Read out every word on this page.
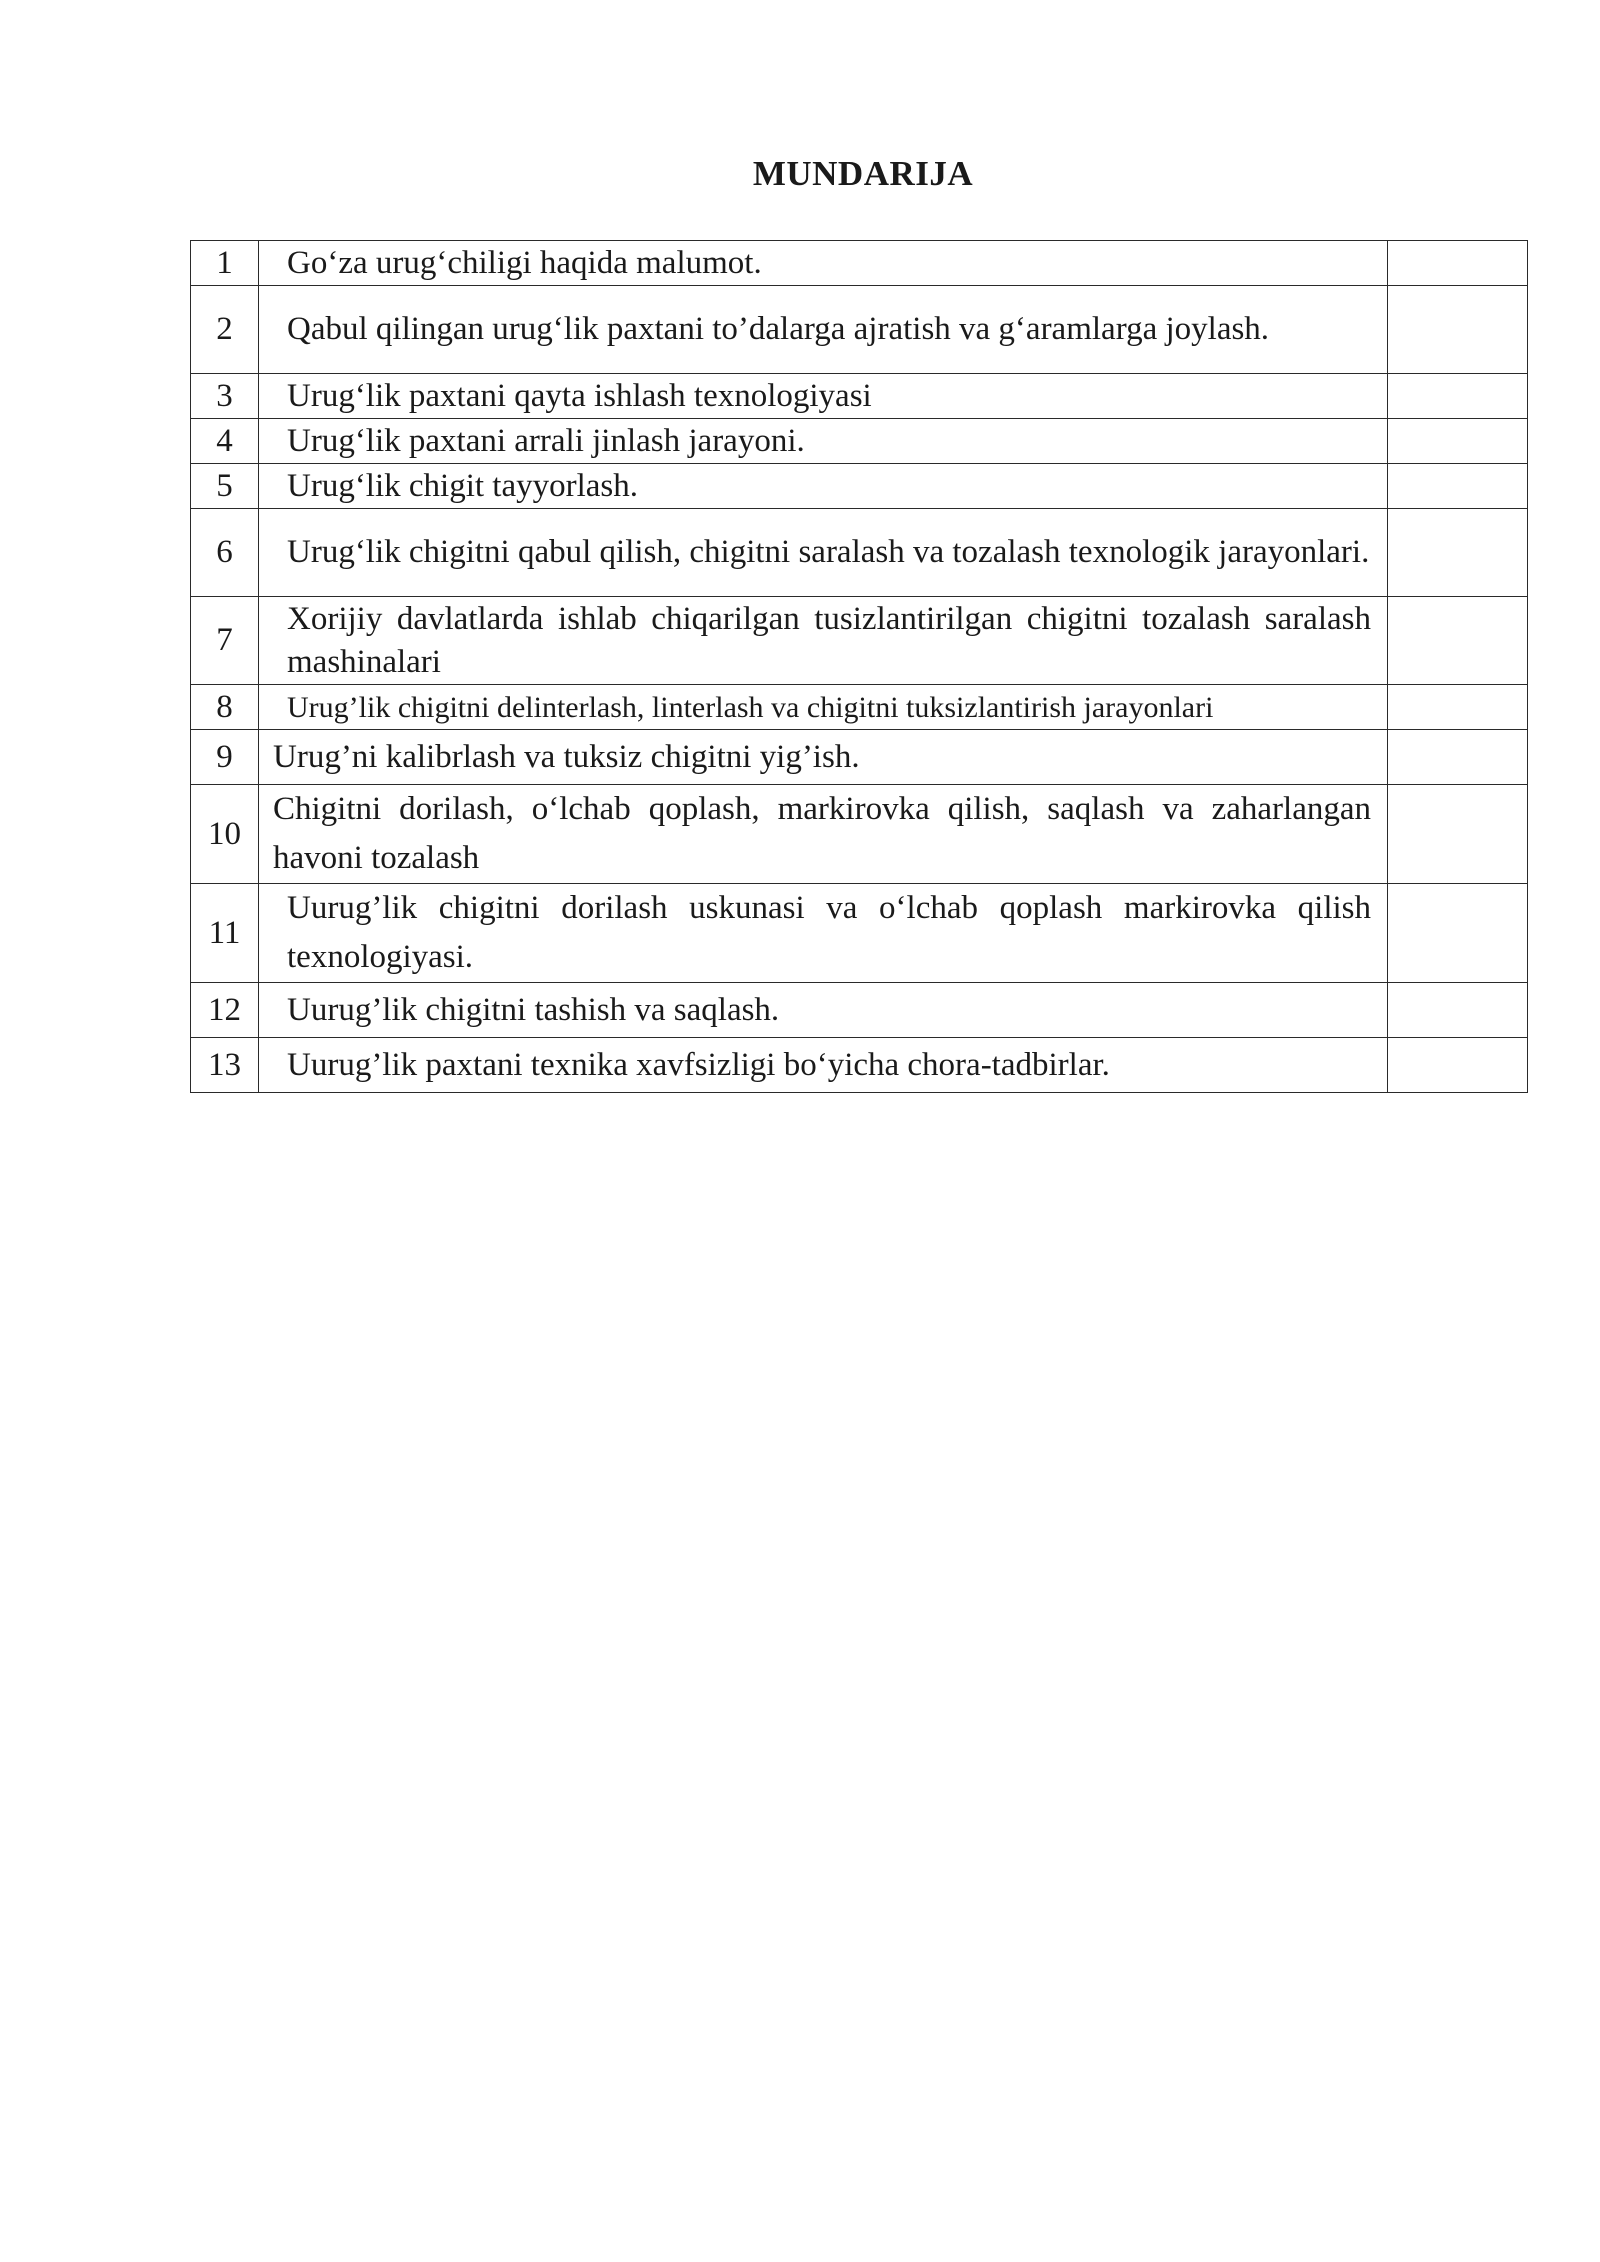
MUNDARIJA
1	Go‘za urug‘chiligi haqida malumot.	
2	Qabul qilingan urug‘lik paxtani to’dalarga ajratish va g‘aramlarga joylash.	
3	Urug‘lik paxtani qayta ishlash texnologiyasi	
4	Urug‘lik paxtani arrali jinlash jarayoni.	
5	Urug‘lik chigit tayyorlash.	
6	Urug‘lik chigitni qabul qilish, chigitni saralash va tozalash texnologik jarayonlari.	
7	Xorijiy davlatlarda ishlab chiqarilgan tusizlantirilgan chigitni tozalash saralash mashinalari	
8	Urug’lik chigitni delinterlash, linterlash va chigitni tuksizlantirish jarayonlari	
9	Urug’ni kalibrlash va tuksiz chigitni yig’ish.	
10	Chigitni dorilash, o‘lchab qoplash, markirovka qilish, saqlash va zaharlangan havoni tozalash	
11	Uurug’lik chigitni dorilash uskunasi va o‘lchab qoplash markirovka qilish texnologiyasi.	
12	Uurug’lik chigitni tashish va saqlash.	
13	Uurug’lik paxtani texnika xavfsizligi bo‘yicha chora-tadbirlar.	
